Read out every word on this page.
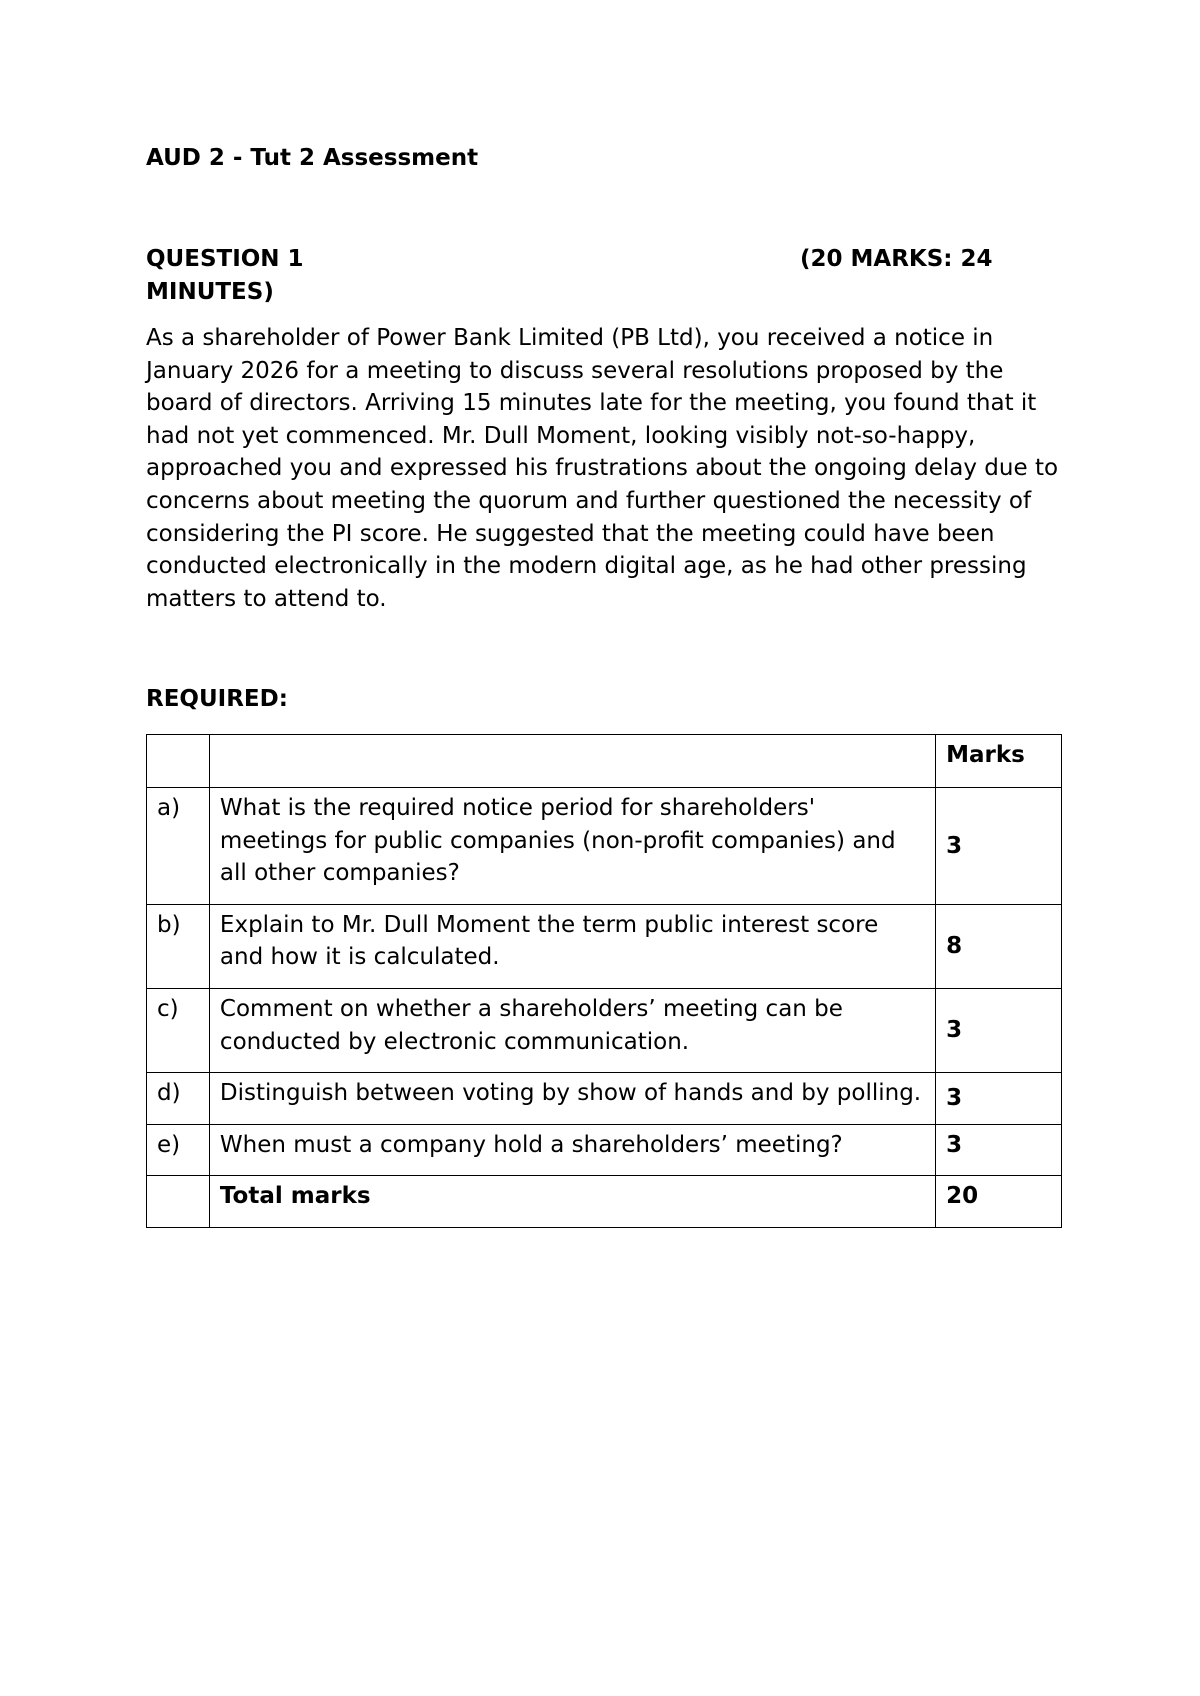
AUD 2 - Tut 2 Assessment
QUESTION 1	(20 MARKS: 24 MINUTES)

As a shareholder of Power Bank Limited (PB Ltd), you received a notice in January 2026 for a meeting to discuss several resolutions proposed by the board of directors. Arriving 15 minutes late for the meeting, you found that it had not yet commenced. Mr. Dull Moment, looking visibly not-so-happy, approached you and expressed his frustrations about the ongoing delay due to concerns about meeting the quorum and further questioned the necessity of considering the PI score. He suggested that the meeting could have been conducted electronically in the modern digital age, as he had other pressing matters to attend to.

REQUIRED:
		Marks
a)	What is the required notice period for shareholders' meetings for public companies (non-profit companies) and all other companies?	3
b)	Explain to Mr. Dull Moment the term public interest score and how it is calculated.	8
c)	Comment on whether a shareholders’ meeting can be conducted by electronic communication.	3
d)	Distinguish between voting by show of hands and by polling.	3
e)	When must a company hold a shareholders’ meeting?	3
	Total marks	20
